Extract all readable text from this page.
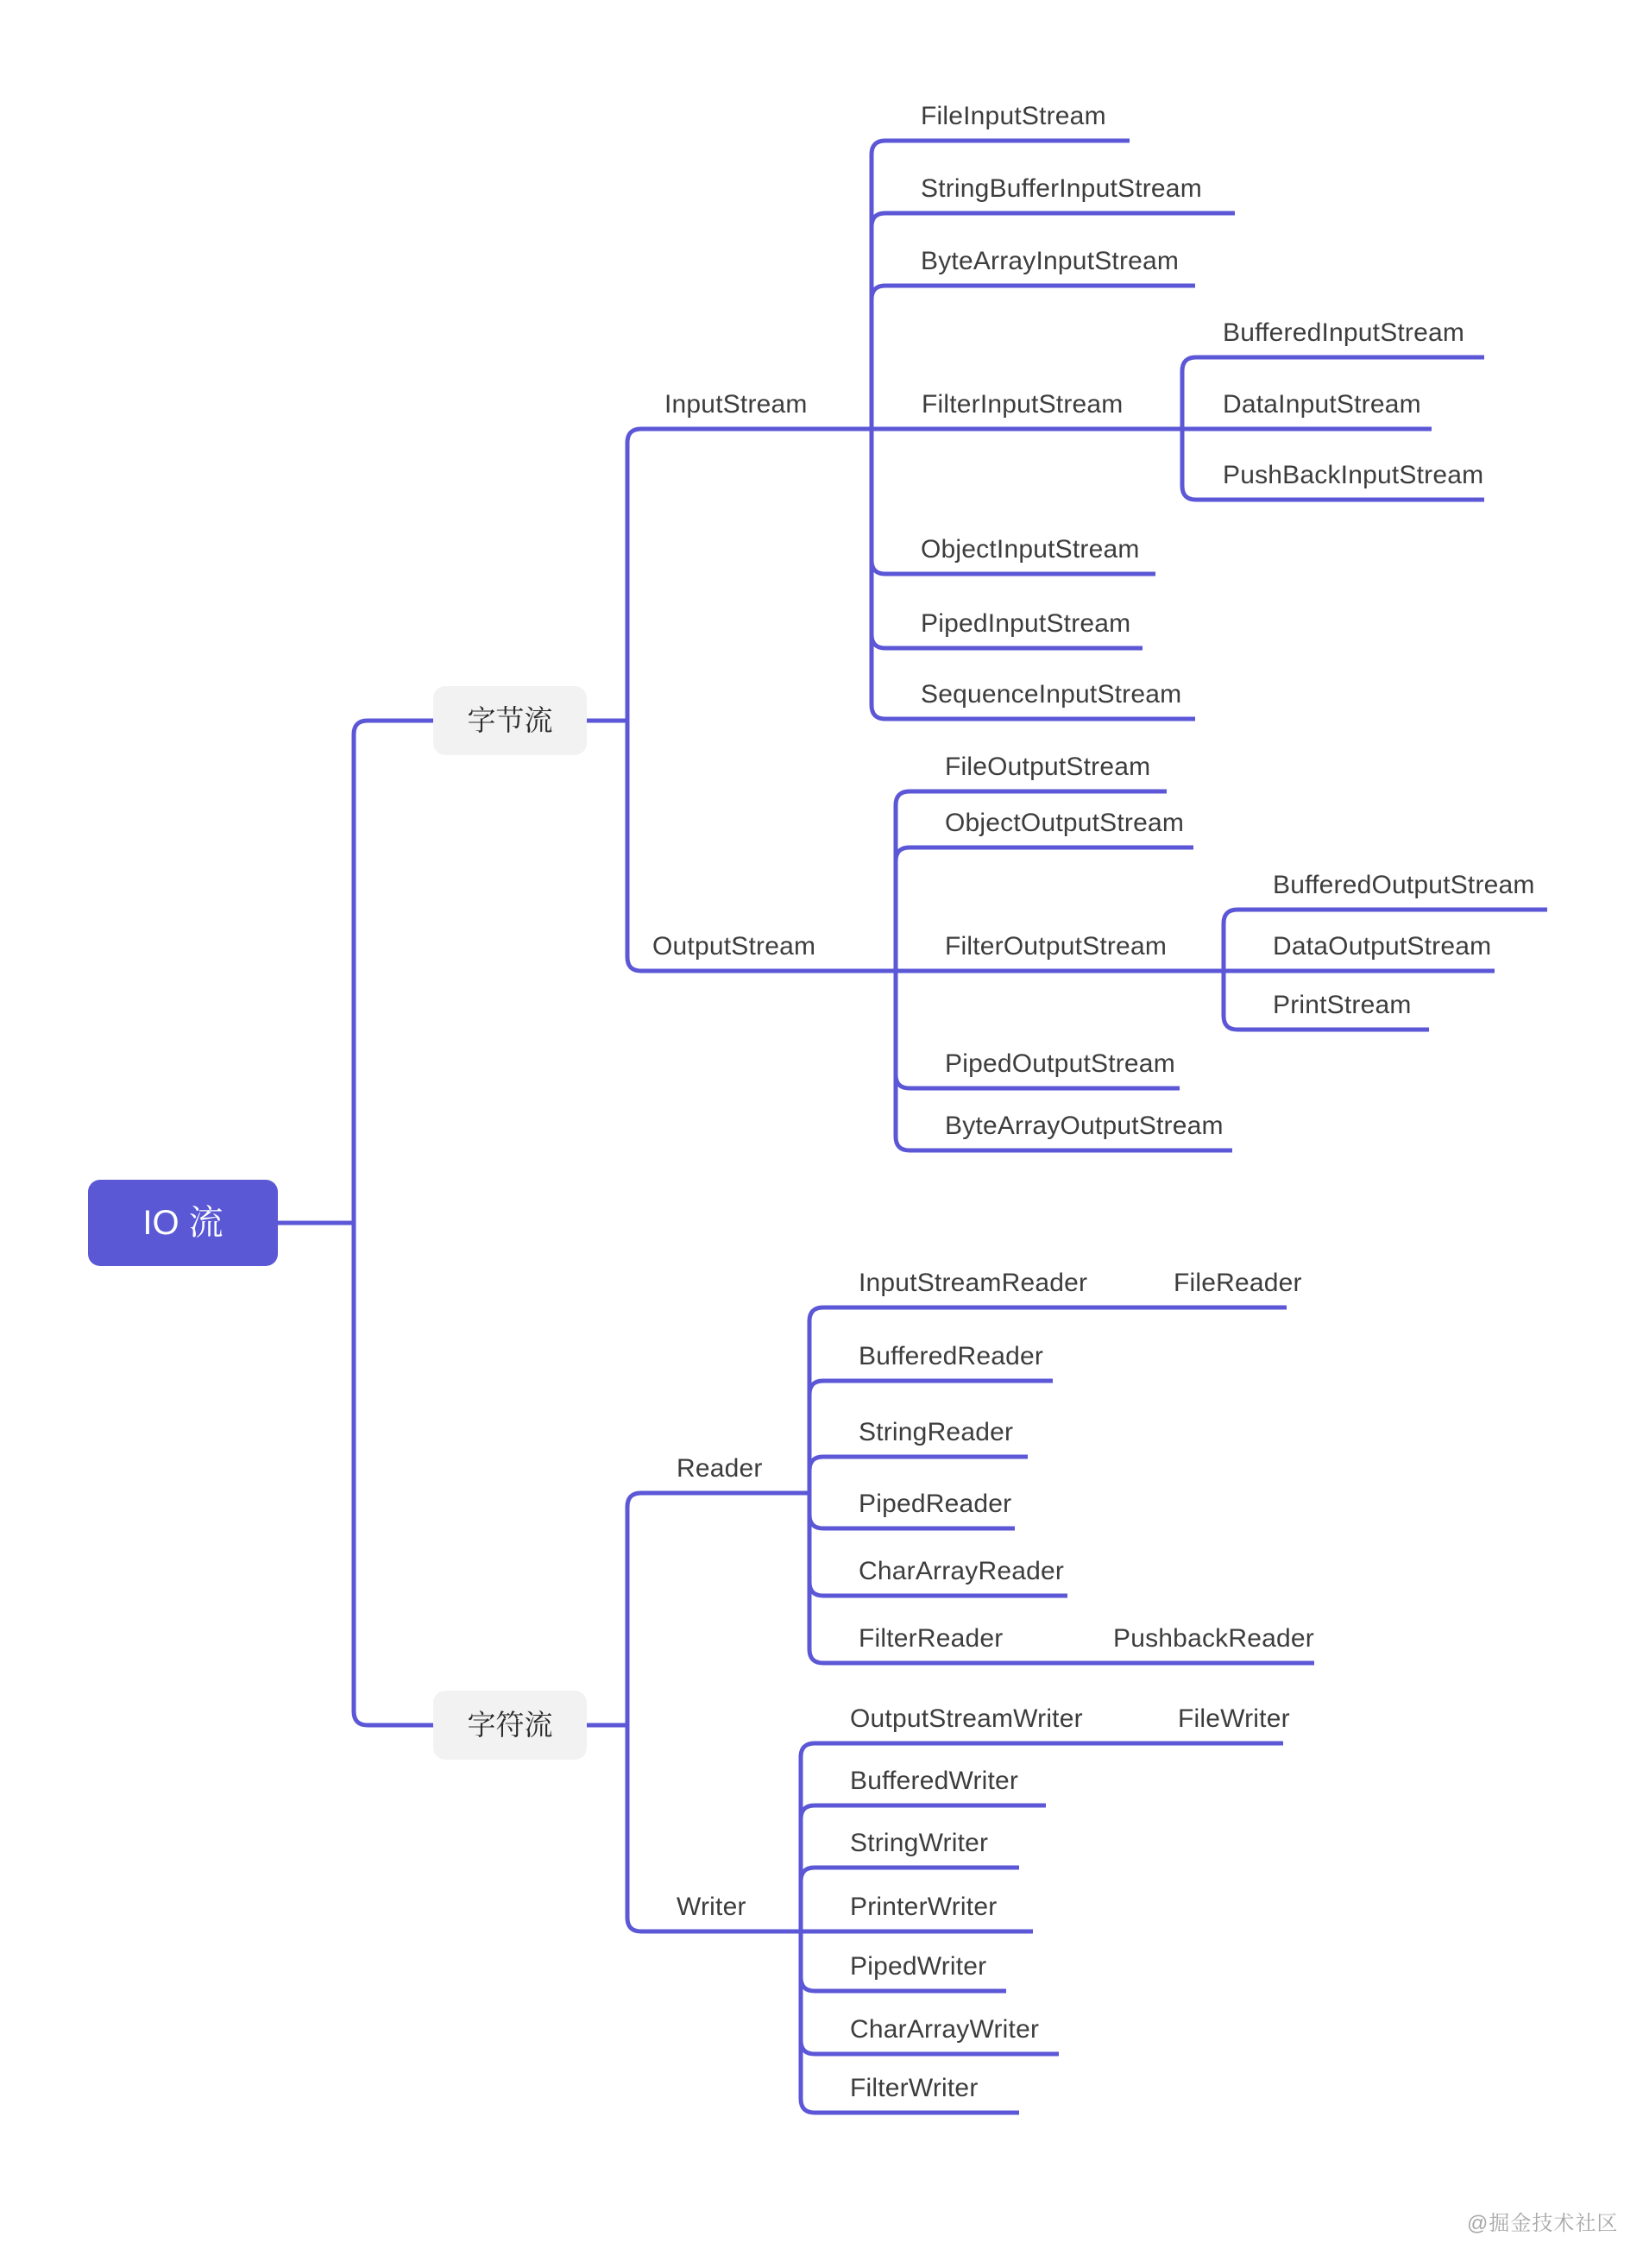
IO 流
字节流
字符流
FileInputStream
StringBufferInputStream
ByteArrayInputStream
BufferedInputStream
InputStream	FilterInputStream	DataInputStream
PushBackInputStream
ObjectInputStream
PipedInputStream
SequenceInputStream
FileOutputStream
ObjectOutputStream
BufferedOutputStream
OutputStream	FilterOutputStream	DataOutputStream
PrintStream
PipedOutputStream
ByteArrayOutputStream
InputStreamReader	FileReader
BufferedReader
StringReader
Reader
PipedReader
CharArrayReader
FilterReader	PushbackReader
OutputStreamWriter	FileWriter
BufferedWriter
StringWriter
Writer	PrinterWriter
PipedWriter
CharArrayWriter
FilterWriter
@掘金技术社区
